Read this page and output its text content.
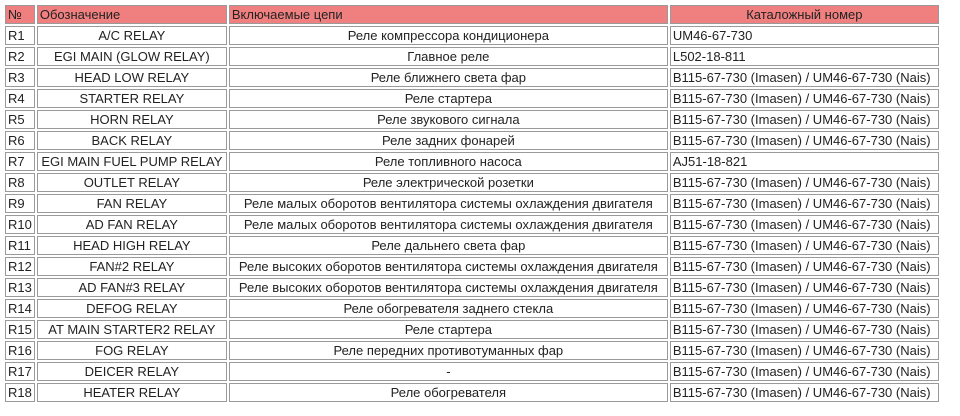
№	Обозначение	Включаемые цепи	Каталожный номер
R1	A/C RELAY	Реле компрессора кондиционера	UM46-67-730
R2	EGI MAIN (GLOW RELAY)	Главное реле	L502-18-811
R3	HEAD LOW RELAY	Реле ближнего света фар	B115-67-730 (Imasen) / UM46-67-730 (Nais)
R4	STARTER RELAY	Реле стартера	B115-67-730 (Imasen) / UM46-67-730 (Nais)
R5	HORN RELAY	Реле звукового сигнала	B115-67-730 (Imasen) / UM46-67-730 (Nais)
R6	BACK RELAY	Реле задних фонарей	B115-67-730 (Imasen) / UM46-67-730 (Nais)
R7	EGI MAIN FUEL PUMP RELAY	Реле топливного насоса	AJ51-18-821
R8	OUTLET RELAY	Реле электрической розетки	B115-67-730 (Imasen) / UM46-67-730 (Nais)
R9	FAN RELAY	Реле малых оборотов вентилятора системы охлаждения двигателя	B115-67-730 (Imasen) / UM46-67-730 (Nais)
R10	AD FAN RELAY	Реле малых оборотов вентилятора системы охлаждения двигателя	B115-67-730 (Imasen) / UM46-67-730 (Nais)
R11	HEAD HIGH RELAY	Реле дальнего света фар	B115-67-730 (Imasen) / UM46-67-730 (Nais)
R12	FAN#2 RELAY	Реле высоких оборотов вентилятора системы охлаждения двигателя	B115-67-730 (Imasen) / UM46-67-730 (Nais)
R13	AD FAN#3 RELAY	Реле высоких оборотов вентилятора системы охлаждения двигателя	B115-67-730 (Imasen) / UM46-67-730 (Nais)
R14	DEFOG RELAY	Реле обогревателя заднего стекла	B115-67-730 (Imasen) / UM46-67-730 (Nais)
R15	AT MAIN STARTER2 RELAY	Реле стартера	B115-67-730 (Imasen) / UM46-67-730 (Nais)
R16	FOG RELAY	Реле передних противотуманных фар	B115-67-730 (Imasen) / UM46-67-730 (Nais)
R17	DEICER RELAY	-	B115-67-730 (Imasen) / UM46-67-730 (Nais)
R18	HEATER RELAY	Реле обогревателя	B115-67-730 (Imasen) / UM46-67-730 (Nais)
